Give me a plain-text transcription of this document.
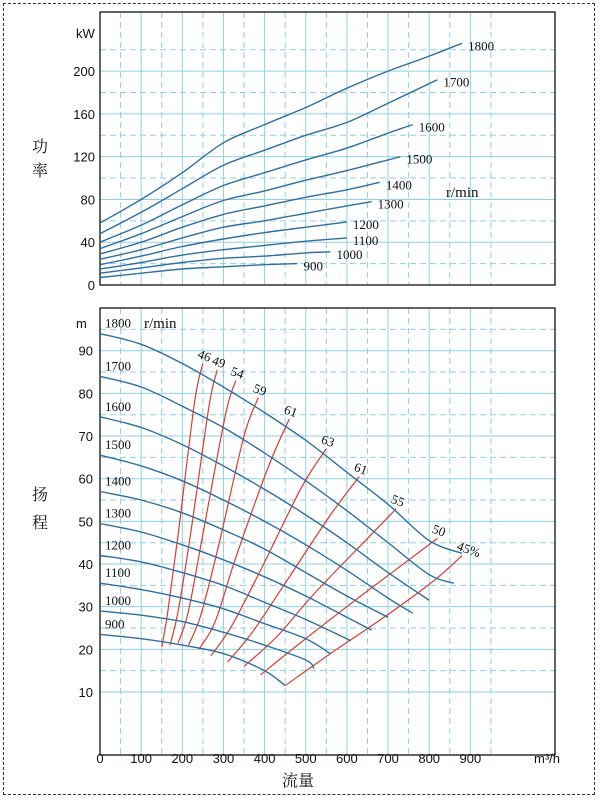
0
40
80
120
160
200
kW
功
率
1800
1700
1600
1500
1400
1300
1200
1100
1000
900
r/min
10
20
30
40
50
60
70
80
90
0 100 200 300 400 500 600 700 800 900
m
扬
程
m³/h
流量
1800
1700
1600
1500
1400
1300
1200
1100
1000
900
r/min
46
49
54
59
61
63
61
55
50
45%
